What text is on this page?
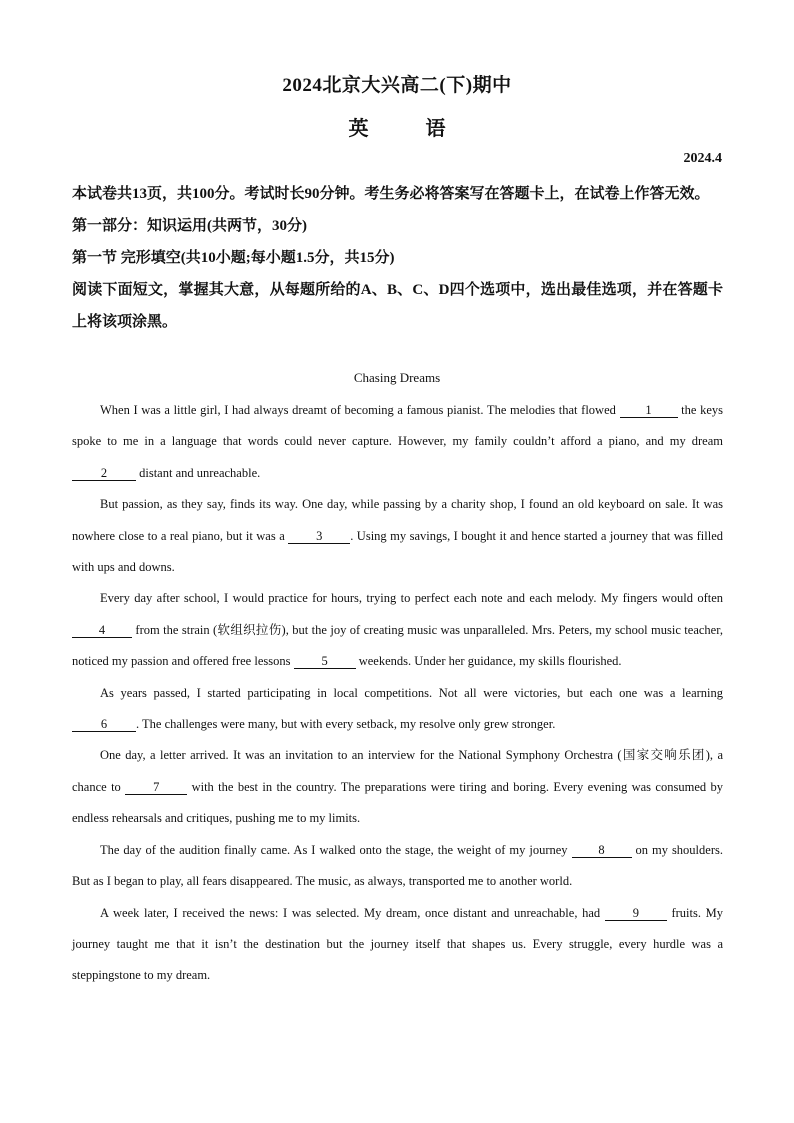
2024北京大兴高二(下)期中
英 语
2024.4

本试卷共13页，共100分。考试时长90分钟。考生务必将答案写在答题卡上，在试卷上作答无效。

第一部分：知识运用(共两节，30分)

第一节 完形填空(共10小题;每小题1.5分，共15分)

阅读下面短文，掌握其大意，从每题所给的A、B、C、D四个选项中，选出最佳选项，并在答题卡上将该项涂黑。

Chasing Dreams

When I was a little girl, I had always dreamt of becoming a famous pianist. The melodies that flowed 1 the keys spoke to me in a language that words could never capture. However, my family couldn’t afford a piano, and my dream 2 distant and unreachable.

But passion, as they say, finds its way. One day, while passing by a charity shop, I found an old keyboard on sale. It was nowhere close to a real piano, but it was a 3 . Using my savings, I bought it and hence started a journey that was filled with ups and downs.

Every day after school, I would practice for hours, trying to perfect each note and each melody. My fingers would often 4 from the strain (软组织拉伤), but the joy of creating music was unparalleled. Mrs. Peters, my school music teacher, noticed my passion and offered free lessons 5 weekends. Under her guidance, my skills flourished.

As years passed, I started participating in local competitions. Not all were victories, but each one was a learning 6 . The challenges were many, but with every setback, my resolve only grew stronger.

One day, a letter arrived. It was an invitation to an interview for the National Symphony Orchestra (国家交响乐团), a chance to 7 with the best in the country. The preparations were tiring and boring. Every evening was consumed by endless rehearsals and critiques, pushing me to my limits.

The day of the audition finally came. As I walked onto the stage, the weight of my journey 8 on my shoulders. But as I began to play, all fears disappeared. The music, as always, transported me to another world.

A week later, I received the news: I was selected. My dream, once distant and unreachable, had 9 fruits. My journey taught me that it isn’t the destination but the journey itself that shapes us. Every struggle, every hurdle was a steppingstone to my dream.
